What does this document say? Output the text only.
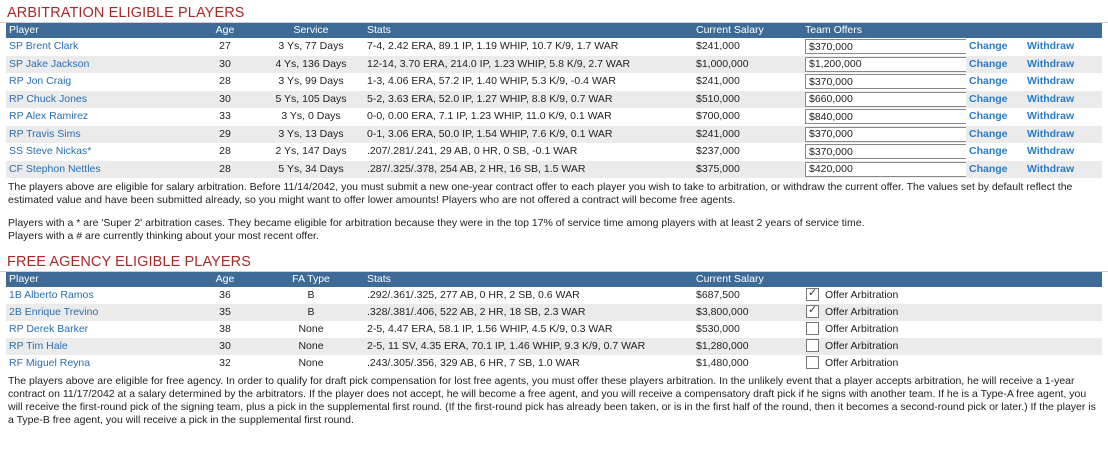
ARBITRATION ELIGIBLE PLAYERS
Player	Age	Service	Stats	Current Salary	Team Offers		
SP Brent Clark	27	3 Ys, 77 Days	7-4, 2.42 ERA, 89.1 IP, 1.19 WHIP, 10.7 K/9, 1.7 WAR	$241,000	$370,000	Change	Withdraw
SP Jake Jackson	30	4 Ys, 136 Days	12-14, 3.70 ERA, 214.0 IP, 1.23 WHIP, 5.8 K/9, 2.7 WAR	$1,000,000	$1,200,000	Change	Withdraw
RP Jon Craig	28	3 Ys, 99 Days	1-3, 4.06 ERA, 57.2 IP, 1.40 WHIP, 5.3 K/9, -0.4 WAR	$241,000	$370,000	Change	Withdraw
RP Chuck Jones	30	5 Ys, 105 Days	5-2, 3.63 ERA, 52.0 IP, 1.27 WHIP, 8.8 K/9, 0.7 WAR	$510,000	$660,000	Change	Withdraw
RP Alex Ramirez	33	3 Ys, 0 Days	0-0, 0.00 ERA, 7.1 IP, 1.23 WHIP, 11.0 K/9, 0.1 WAR	$700,000	$840,000	Change	Withdraw
RP Travis Sims	29	3 Ys, 13 Days	0-1, 3.06 ERA, 50.0 IP, 1.54 WHIP, 7.6 K/9, 0.1 WAR	$241,000	$370,000	Change	Withdraw
SS Steve Nickas*	28	2 Ys, 147 Days	.207/.281/.241, 29 AB, 0 HR, 0 SB, -0.1 WAR	$237,000	$370,000	Change	Withdraw
CF Stephon Nettles	28	5 Ys, 34 Days	.287/.325/.378, 254 AB, 2 HR, 16 SB, 1.5 WAR	$375,000	$420,000	Change	Withdraw

The players above are eligible for salary arbitration. Before 11/14/2042, you must submit a new one-year contract offer to each player you wish to take to arbitration, or withdraw the current offer. The values set by default reflect the estimated value and have been submitted already, so you might want to offer lower amounts! Players who are not offered a contract will become free agents.

Players with a * are 'Super 2' arbitration cases. They became eligible for arbitration because they were in the top 17% of service time among players with at least 2 years of service time.

Players with a # are currently thinking about your most recent offer.

FREE AGENCY ELIGIBLE PLAYERS
Player	Age	FA Type	Stats	Current Salary	
1B Alberto Ramos	36	B	.292/.361/.325, 277 AB, 0 HR, 2 SB, 0.6 WAR	$687,500	✓ Offer Arbitration
2B Enrique Trevino	35	B	.328/.381/.406, 522 AB, 2 HR, 18 SB, 2.3 WAR	$3,800,000	✓ Offer Arbitration
RP Derek Barker	38	None	2-5, 4.47 ERA, 58.1 IP, 1.56 WHIP, 4.5 K/9, 0.3 WAR	$530,000	Offer Arbitration
RP Tim Hale	30	None	2-5, 11 SV, 4.35 ERA, 70.1 IP, 1.46 WHIP, 9.3 K/9, 0.7 WAR	$1,280,000	Offer Arbitration
RF Miguel Reyna	32	None	.243/.305/.356, 329 AB, 6 HR, 7 SB, 1.0 WAR	$1,480,000	Offer Arbitration

The players above are eligible for free agency. In order to qualify for draft pick compensation for lost free agents, you must offer these players arbitration. In the unlikely event that a player accepts arbitration, he will receive a 1-year contract on 11/17/2042 at a salary determined by the arbitrators. If the player does not accept, he will become a free agent, and you will receive a compensatory draft pick if he signs with another team. If he is a Type-A free agent, you will receive the first-round pick of the signing team, plus a pick in the supplemental first round. (If the first-round pick has already been taken, or is in the first half of the round, then it becomes a second-round pick or later.) If the player is a Type-B free agent, you will receive a pick in the supplemental first round.
